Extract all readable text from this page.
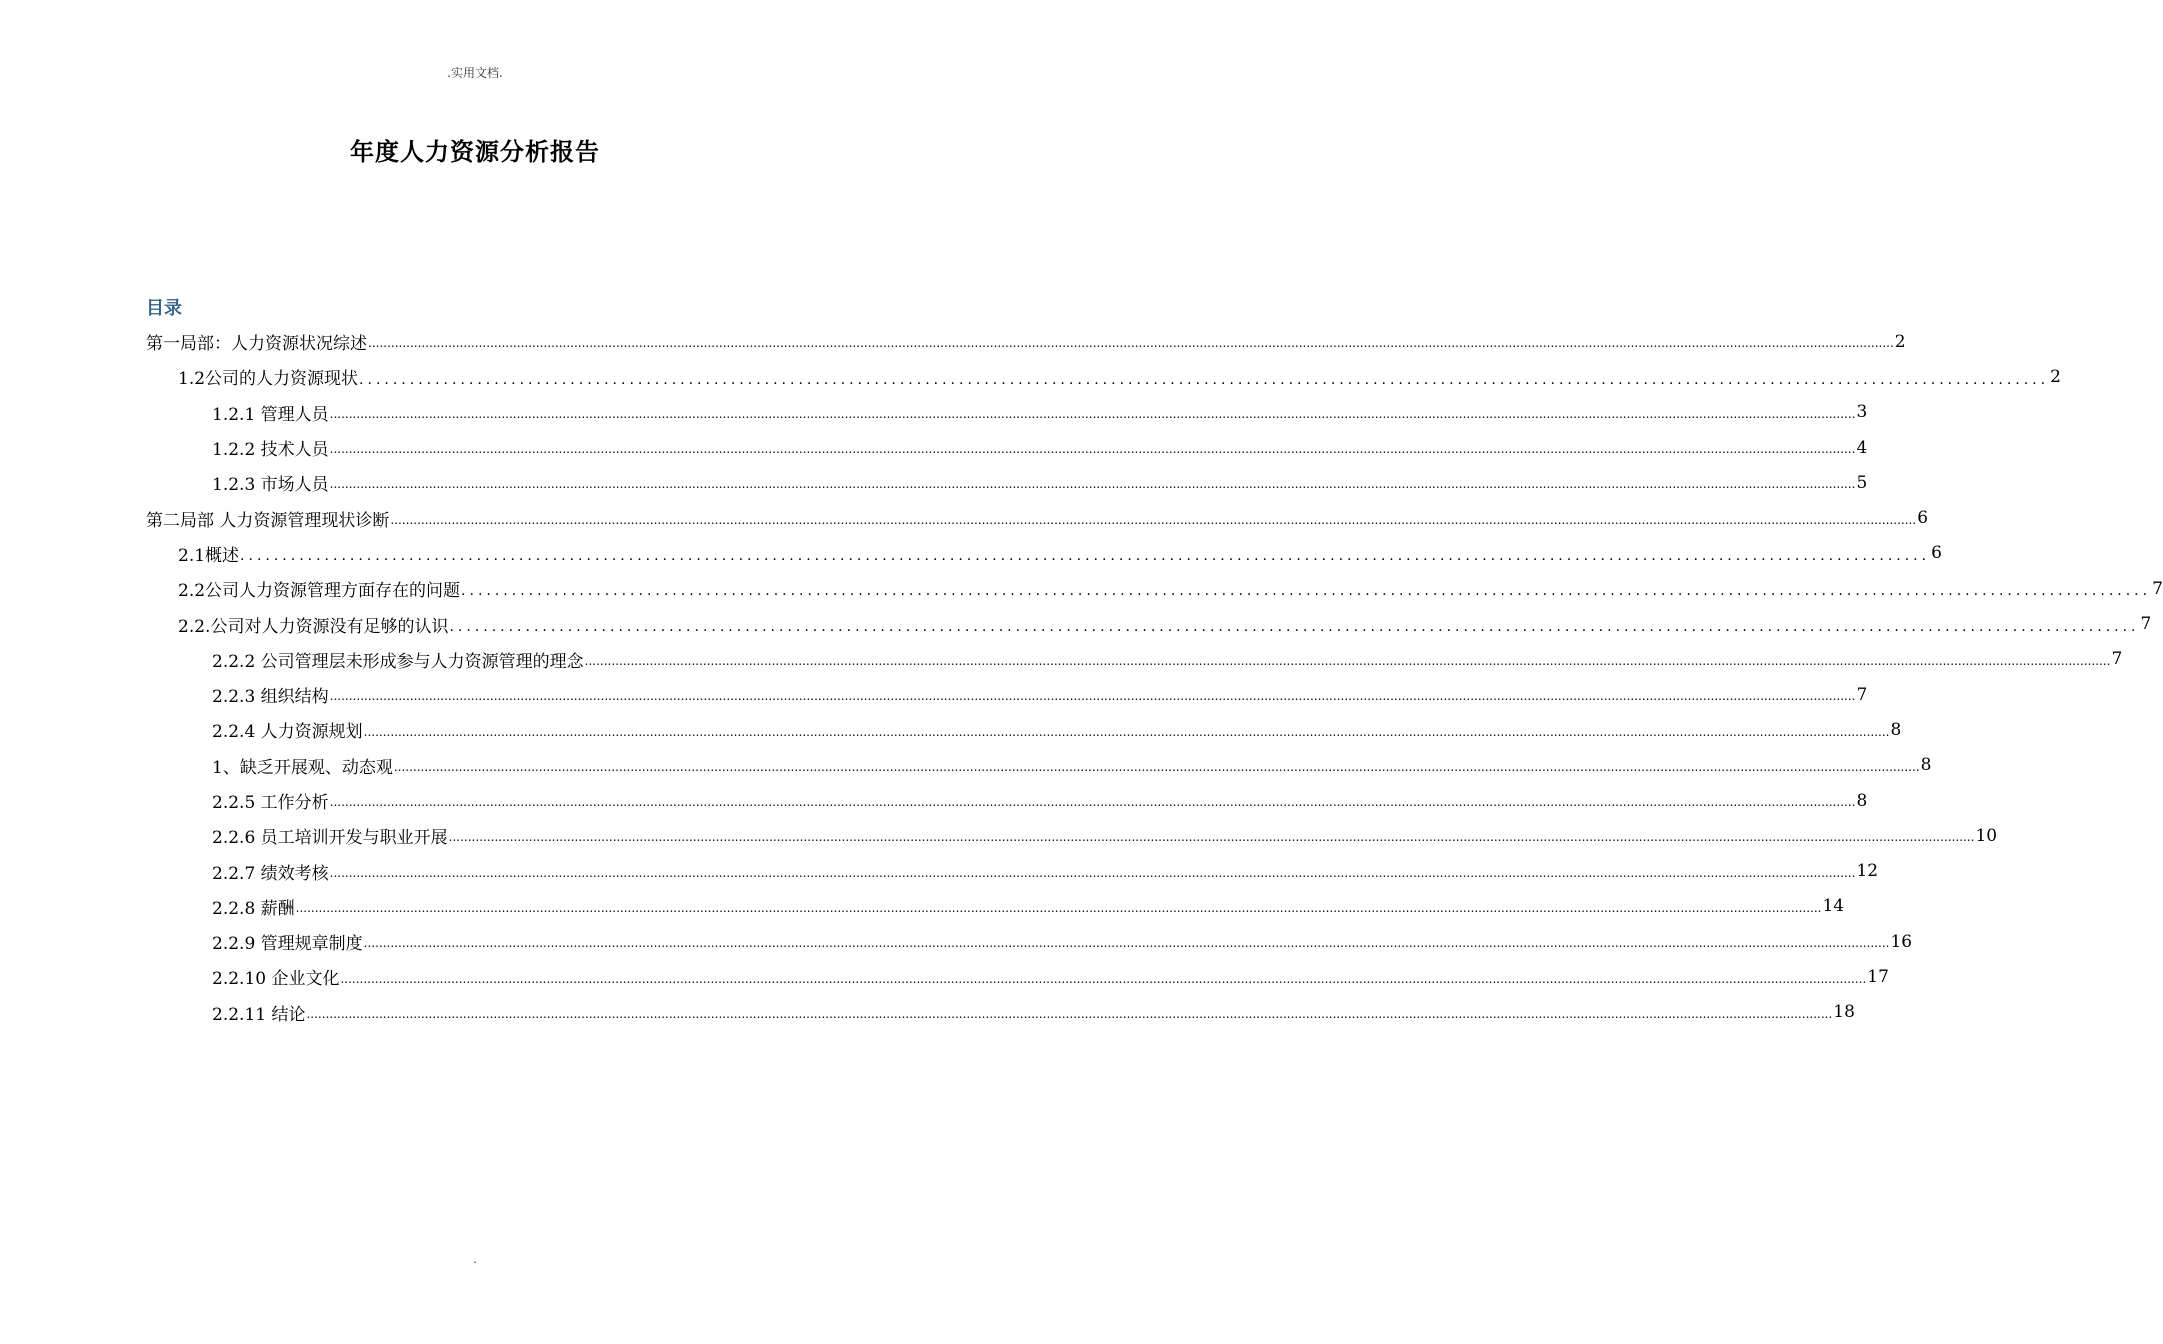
.实用文档.
年度人力资源分析报告
目录
第一局部：人力资源状况综述 ................................................................................................................................................................................................................................................................................................................................................................................................................ 2
1.2公司的人力资源现状 ........................................................................................................................................................................................................ 2
1.2.1 管理人员 ................................................................................................................................................................................................................................................................................................................................................................................................................ 3
1.2.2 技术人员 ................................................................................................................................................................................................................................................................................................................................................................................................................ 4
1.2.3 市场人员 ................................................................................................................................................................................................................................................................................................................................................................................................................ 5
第二局部 人力资源管理现状诊断 ................................................................................................................................................................................................................................................................................................................................................................................................................ 6
2.1概述 ........................................................................................................................................................................................................ 6
2.2公司人力资源管理方面存在的问题 ........................................................................................................................................................................................................ 7
2.2.公司对人力资源没有足够的认识 ........................................................................................................................................................................................................ 7
2.2.2 公司管理层未形成参与人力资源管理的理念 ................................................................................................................................................................................................................................................................................................................................................................................................................ 7
2.2.3 组织结构 ................................................................................................................................................................................................................................................................................................................................................................................................................ 7
2.2.4 人力资源规划 ................................................................................................................................................................................................................................................................................................................................................................................................................ 8
1、缺乏开展观、动态观 ................................................................................................................................................................................................................................................................................................................................................................................................................ 8
2.2.5 工作分析 ................................................................................................................................................................................................................................................................................................................................................................................................................ 8
2.2.6 员工培训开发与职业开展 ................................................................................................................................................................................................................................................................................................................................................................................................................ 10
2.2.7 绩效考核 ................................................................................................................................................................................................................................................................................................................................................................................................................ 12
2.2.8 薪酬 ................................................................................................................................................................................................................................................................................................................................................................................................................ 14
2.2.9 管理规章制度 ................................................................................................................................................................................................................................................................................................................................................................................................................ 16
2.2.10 企业文化 ................................................................................................................................................................................................................................................................................................................................................................................................................ 17
2.2.11 结论 ................................................................................................................................................................................................................................................................................................................................................................................................................ 18
.
